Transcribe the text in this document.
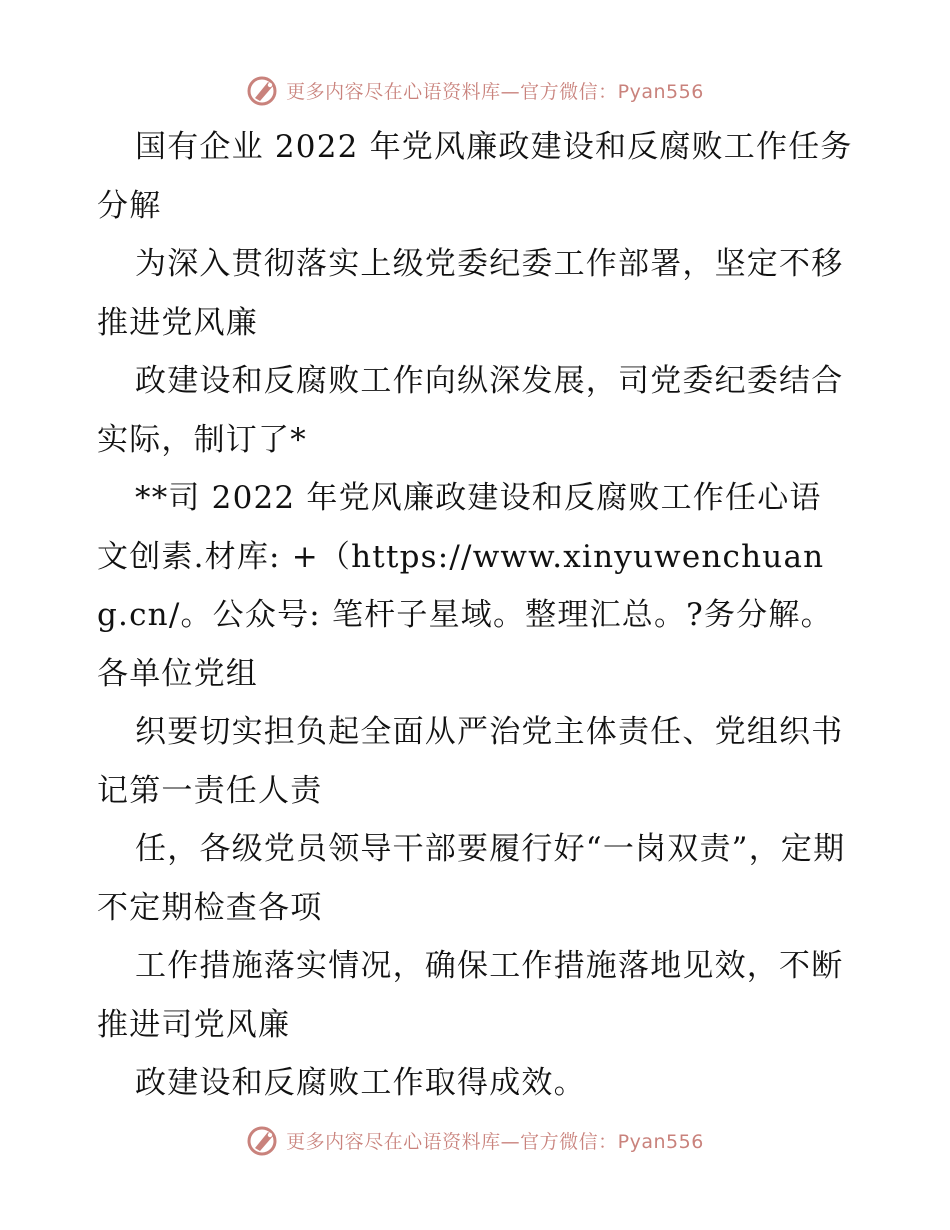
更多内容尽在心语资料库—官方微信：Pyan556

国有企业 2022 年党风廉政建设和反腐败工作任务分解

为深入贯彻落实上级党委纪委工作部署，坚定不移推进党风廉

政建设和反腐败工作向纵深发展，司党委纪委结合实际，制订了*

**司 2022 年党风廉政建设和反腐败工作任心语文创素.材库: +（https://www.xinyuwenchuang.cn/。公众号: 笔杆子星域。整理汇总。?务分解。各单位党组

织要切实担负起全面从严治党主体责任、党组织书记第一责任人责

任，各级党员领导干部要履行好“一岗双责”，定期不定期检查各项

工作措施落实情况，确保工作措施落地见效，不断推进司党风廉

政建设和反腐败工作取得成效。

更多内容尽在心语资料库—官方微信：Pyan556
